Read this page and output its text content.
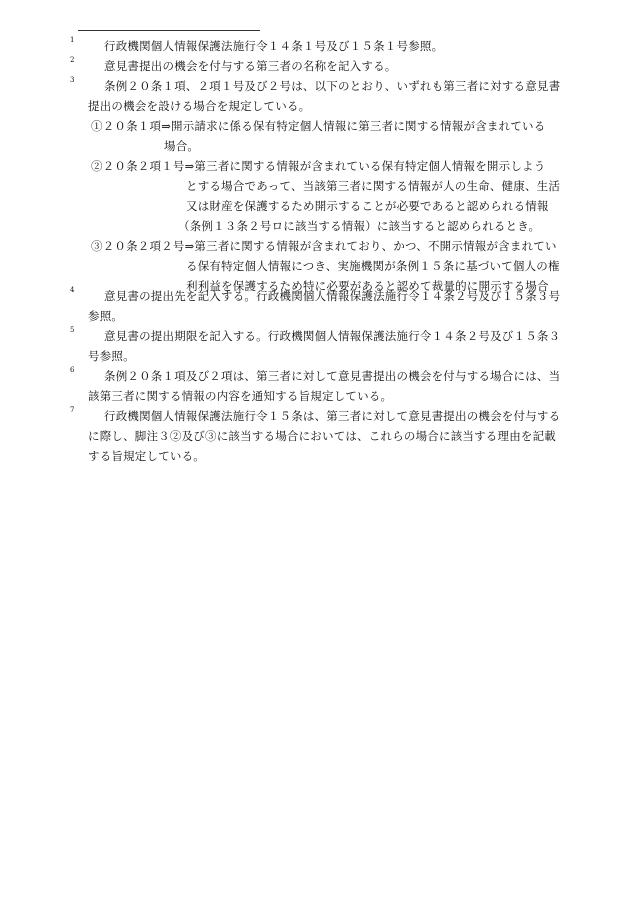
1	行政機関個人情報保護法施行令１４条１号及び１５条１号参照。
2	意見書提出の機会を付与する第三者の名称を記入する。
3	条例２０条１項、２項１号及び２号は、以下のとおり、いずれも第三者に対する意見書
提出の機会を設ける場合を規定している。
①２０条１項⇒開示請求に係る保有特定個人情報に第三者に関する情報が含まれている
場合。
②２０条２項１号⇒第三者に関する情報が含まれている保有特定個人情報を開示しよう
とする場合であって、当該第三者に関する情報が人の生命、健康、生活
又は財産を保護するため開示することが必要であると認められる情報
（条例１３条２号ロに該当する情報）に該当すると認められるとき。
③２０条２項２号⇒第三者に関する情報が含まれており、かつ、不開示情報が含まれてい
る保有特定個人情報につき、実施機関が条例１５条に基づいて個人の権
利利益を保護するため特に必要があると認めて裁量的に開示する場合
4	意見書の提出先を記入する。行政機関個人情報保護法施行令１４条２号及び１５条３号
参照。
5	意見書の提出期限を記入する。行政機関個人情報保護法施行令１４条２号及び１５条３
号参照。
6	条例２０条１項及び２項は、第三者に対して意見書提出の機会を付与する場合には、当
該第三者に関する情報の内容を通知する旨規定している。
7	行政機関個人情報保護法施行令１５条は、第三者に対して意見書提出の機会を付与する
に際し、脚注３②及び③に該当する場合においては、これらの場合に該当する理由を記載
する旨規定している。
